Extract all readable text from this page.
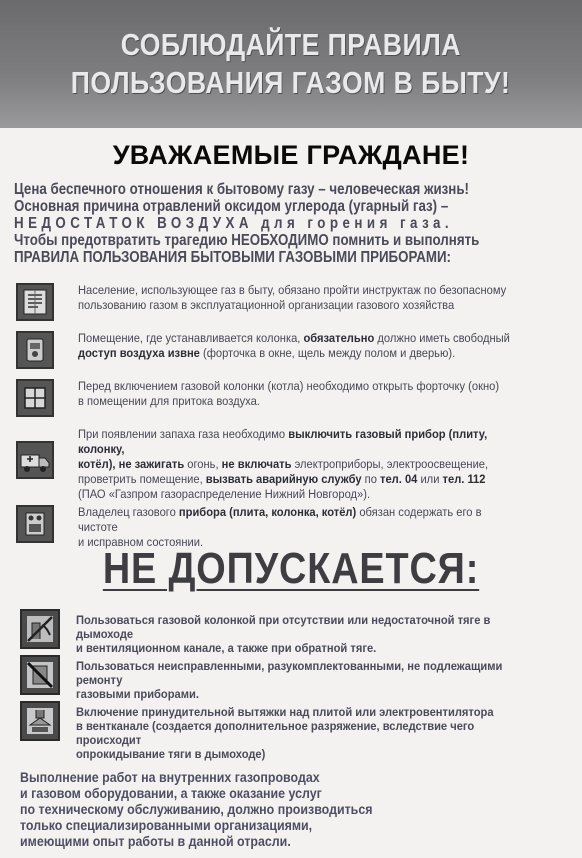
СОБЛЮДАЙТЕ ПРАВИЛА
ПОЛЬЗОВАНИЯ ГАЗОМ В БЫТУ!
УВАЖАЕМЫЕ ГРАЖДАНЕ!
Цена беспечного отношения к бытовому газу – человеческая жизнь!
Основная причина отравлений оксидом углерода (угарный газ) –
НЕДОСТАТОК ВОЗДУХА для горения газа.
Чтобы предотвратить трагедию НЕОБХОДИМО помнить и выполнять
ПРАВИЛА ПОЛЬЗОВАНИЯ БЫТОВЫМИ ГАЗОВЫМИ ПРИБОРАМИ:
Население, использующее газ в быту, обязано пройти инструктаж по безопасному
пользованию газом в эксплуатационной организации газового хозяйства
Помещение, где устанавливается колонка, обязательно должно иметь свободный
доступ воздуха извне (форточка в окне, щель между полом и дверью).
Перед включением газовой колонки (котла) необходимо открыть форточку (окно)
в помещении для притока воздуха.
При появлении запаха газа необходимо выключить газовый прибор (плиту, колонку,
котёл), не зажигать огонь, не включать электроприборы, электроосвещение,
проветрить помещение, вызвать аварийную службу по тел. 04 или тел. 112
(ПАО «Газпром газораспределение Нижний Новгород»).
Владелец газового прибора (плита, колонка, котёл) обязан содержать его в чистоте
и исправном состоянии.
НЕ ДОПУСКАЕТСЯ:
Пользоваться газовой колонкой при отсутствии или недостаточной тяге в дымоходе
и вентиляционном канале, а также при обратной тяге.
Пользоваться неисправленными, разукомплектованными, не подлежащими ремонту
газовыми приборами.
Включение принудительной вытяжки над плитой или электровентилятора
в вентканале (создается дополнительное разряжение, вследствие чего происходит
опрокидывание тяги в дымоходе)
Выполнение работ на внутренних газопроводах
и газовом оборудовании, а также оказание услуг
по техническому обслуживанию, должно производиться
только специализированными организациями,
имеющими опыт работы в данной отрасли.
